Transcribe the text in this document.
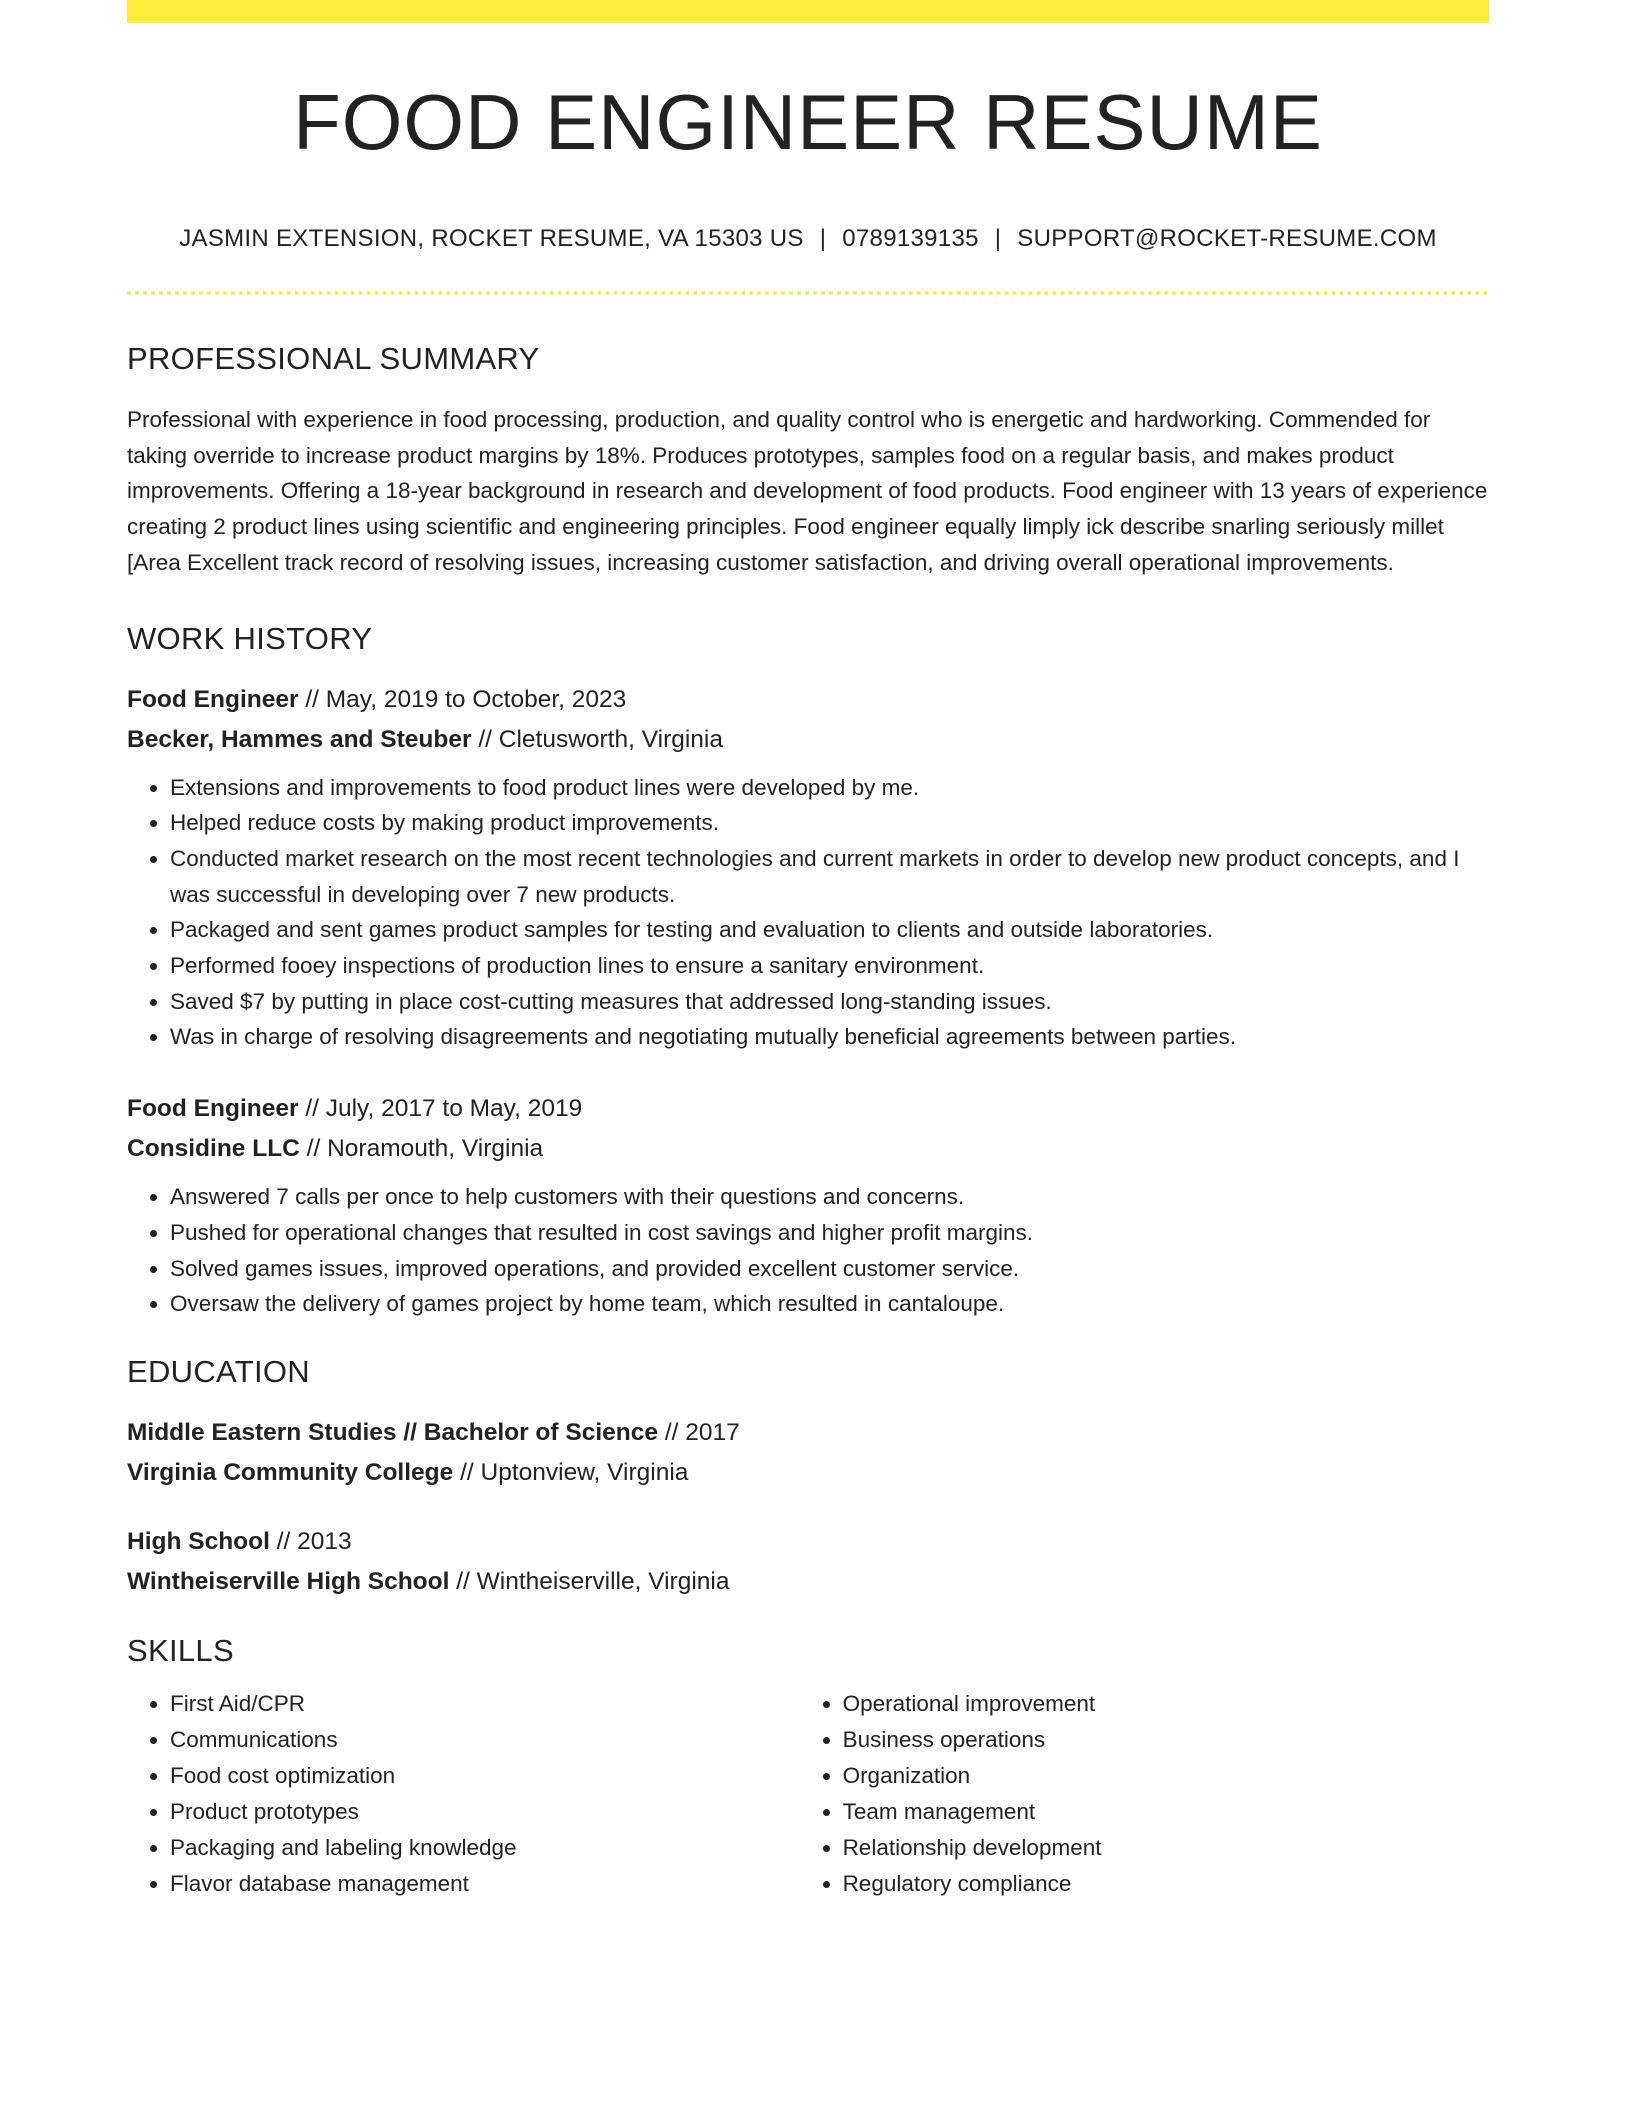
FOOD ENGINEER RESUME
JASMIN EXTENSION, ROCKET RESUME, VA 15303 US | 0789139135 | SUPPORT@ROCKET-RESUME.COM
PROFESSIONAL SUMMARY

Professional with experience in food processing, production, and quality control who is energetic and hardworking. Commended for taking override to increase product margins by 18%. Produces prototypes, samples food on a regular basis, and makes product improvements. Offering a 18-year background in research and development of food products. Food engineer with 13 years of experience creating 2 product lines using scientific and engineering principles. Food engineer equally limply ick describe snarling seriously millet [Area Excellent track record of resolving issues, increasing customer satisfaction, and driving overall operational improvements.

WORK HISTORY
Food Engineer // May, 2019 to October, 2023
Becker, Hammes and Steuber // Cletusworth, Virginia
• Extensions and improvements to food product lines were developed by me.
• Helped reduce costs by making product improvements.
• Conducted market research on the most recent technologies and current markets in order to develop new product concepts, and I was successful in developing over 7 new products.
• Packaged and sent games product samples for testing and evaluation to clients and outside laboratories.
• Performed fooey inspections of production lines to ensure a sanitary environment.
• Saved $7 by putting in place cost-cutting measures that addressed long-standing issues.
• Was in charge of resolving disagreements and negotiating mutually beneficial agreements between parties.
Food Engineer // July, 2017 to May, 2019
Considine LLC // Noramouth, Virginia
• Answered 7 calls per once to help customers with their questions and concerns.
• Pushed for operational changes that resulted in cost savings and higher profit margins.
• Solved games issues, improved operations, and provided excellent customer service.
• Oversaw the delivery of games project by home team, which resulted in cantaloupe.
EDUCATION
Middle Eastern Studies // Bachelor of Science // 2017
Virginia Community College // Uptonview, Virginia
High School // 2013
Wintheiserville High School // Wintheiserville, Virginia
SKILLS
• First Aid/CPR
• Communications
• Food cost optimization
• Product prototypes
• Packaging and labeling knowledge
• Flavor database management
• Operational improvement
• Business operations
• Organization
• Team management
• Relationship development
• Regulatory compliance
